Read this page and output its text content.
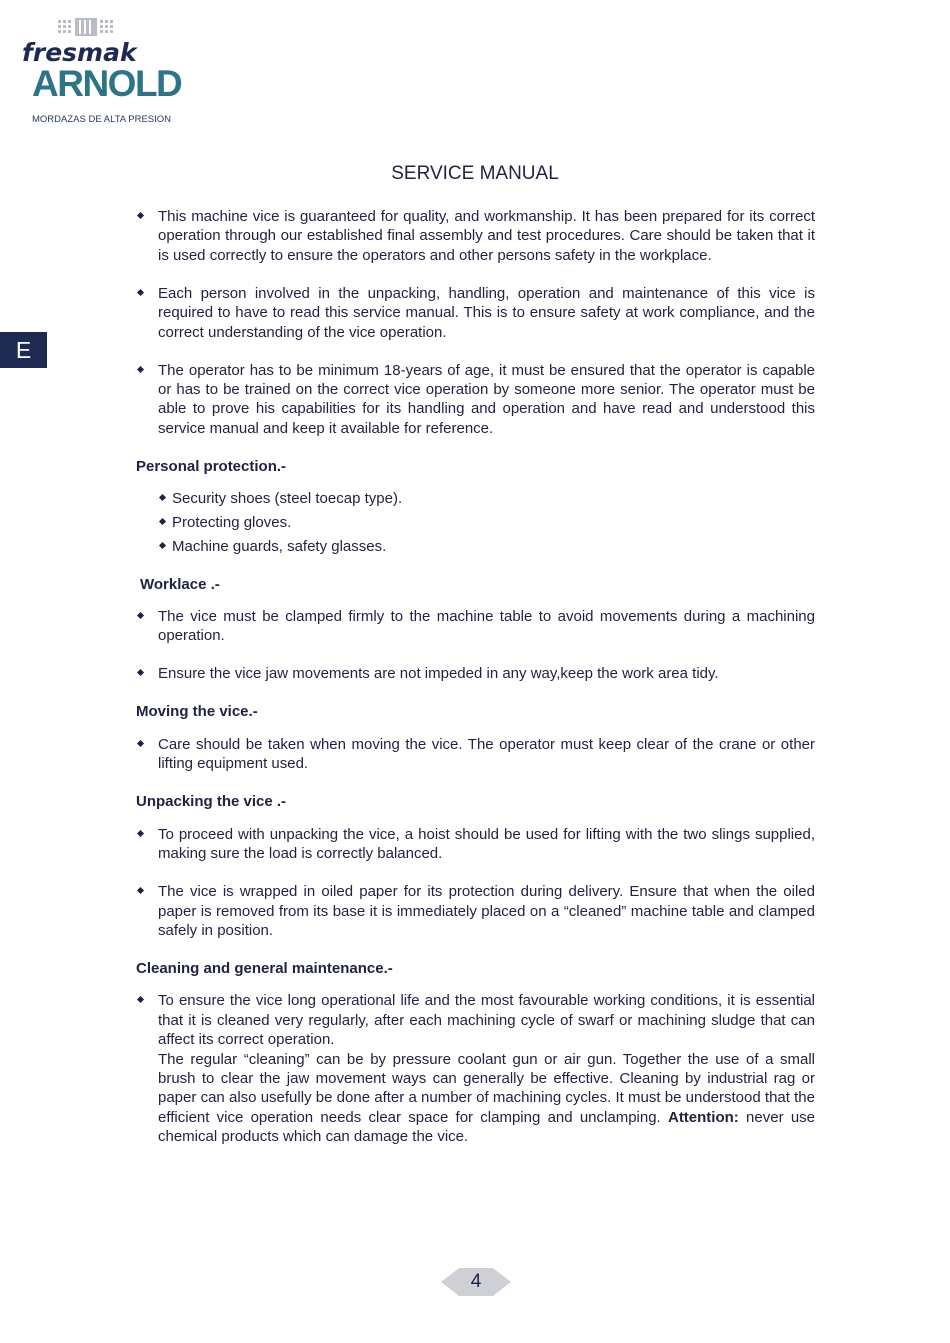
fresmak
ARNOLD
MORDAZAS DE ALTA PRESION
E
SERVICE MANUAL
This machine vice is guaranteed for quality, and workmanship. It has been prepared for its correct operation through our established final assembly and test procedures. Care should be taken that it is used correctly to ensure the operators and other persons safety in the workplace.
Each person involved in the unpacking, handling, operation and maintenance of this vice is required to have to read this service manual. This is to ensure safety at work compliance, and the correct understanding of the vice operation.
The operator has to be minimum 18-years of age, it must be ensured that the operator is capable or has to be trained on the correct vice operation by someone more senior. The operator must be able to prove his capabilities for its handling and operation and have read and understood this service manual and keep it available for reference.
Personal protection.-
Security shoes (steel toecap type).
Protecting gloves.
Machine guards, safety glasses.
Worklace .-
The vice must be clamped firmly to the machine table to avoid movements during a machining operation.
Ensure the vice jaw movements are not impeded in any way,keep the work area tidy.
Moving the vice.-
Care should be taken when moving the vice. The operator must keep clear of the crane or other lifting equipment used.
Unpacking the vice .-
To proceed with unpacking the vice, a hoist should be used for lifting with the two slings supplied, making sure the load is correctly balanced.
The vice is wrapped in oiled paper for its protection during delivery. Ensure that when the oiled paper is removed from its base it is immediately placed on a “cleaned” machine table and clamped safely in position.
Cleaning and general maintenance.-
To ensure the vice long operational life and the most favourable working conditions, it is essential that it is cleaned very regularly, after each machining cycle of swarf or machining sludge that can affect its correct operation.
The regular “cleaning” can be by pressure coolant gun or air gun. Together the use of a small brush to clear the jaw movement ways can generally be effective. Cleaning by industrial rag or paper can also usefully be done after a number of machining cycles. It must be understood that the efficient vice operation needs clear space for clamping and unclamping. Attention: never use chemical products which can damage the vice.
4
